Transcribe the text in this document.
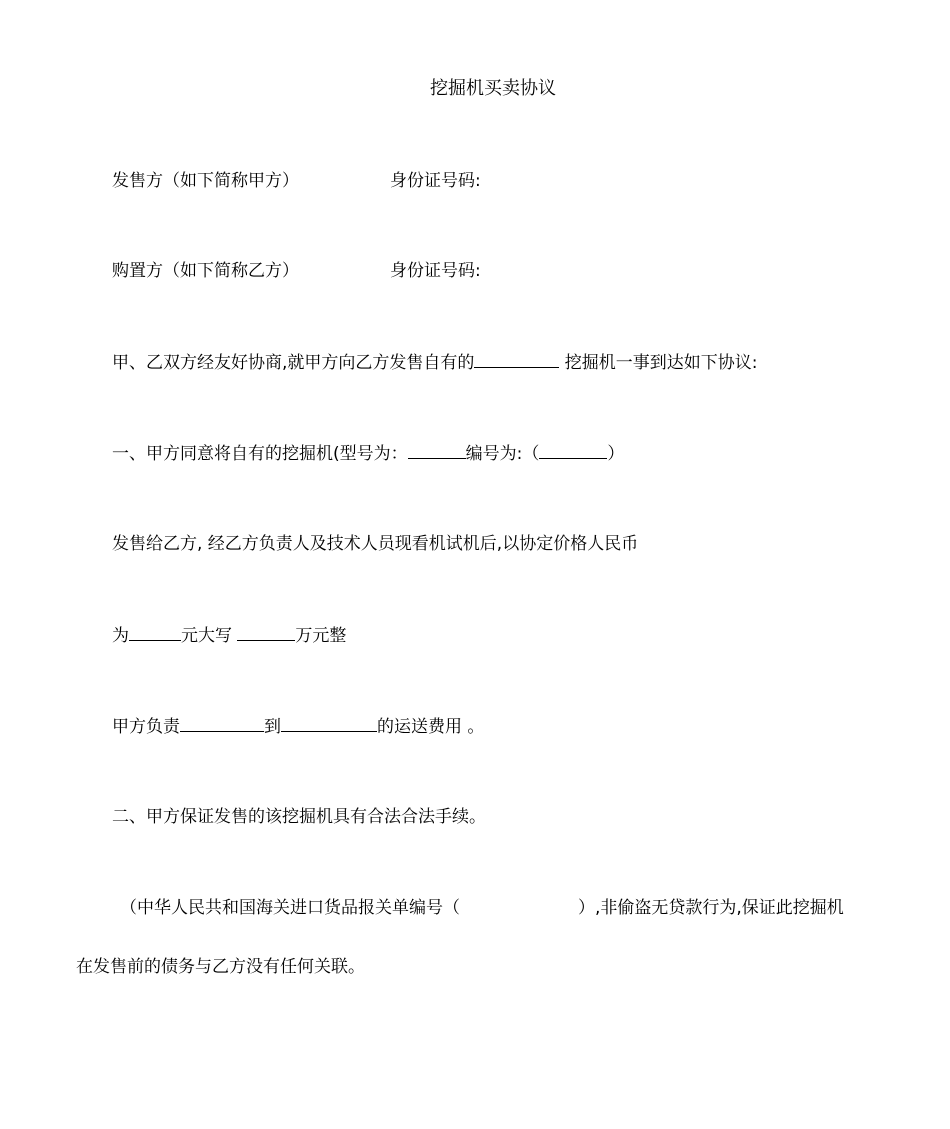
挖掘机买卖协议
发售方（如下简称甲方）	身份证号码:
购置方（如下简称乙方）	身份证号码:
甲、乙双方经友好协商,就甲方向乙方发售自有的	挖掘机一事到达如下协议:
一、甲方同意将自有的挖掘机(型号为：	编号为:（	）
发售给乙方, 经乙方负责人及技术人员现看机试机后,以协定价格人民币
为	元大写	万元整
甲方负责	到	的运送费用 。
二、甲方保证发售的该挖掘机具有合法合法手续。
（中华人民共和国海关进口货品报关单编号（	）,非偷盗无贷款行为,保证此挖掘机
在发售前的债务与乙方没有任何关联。
